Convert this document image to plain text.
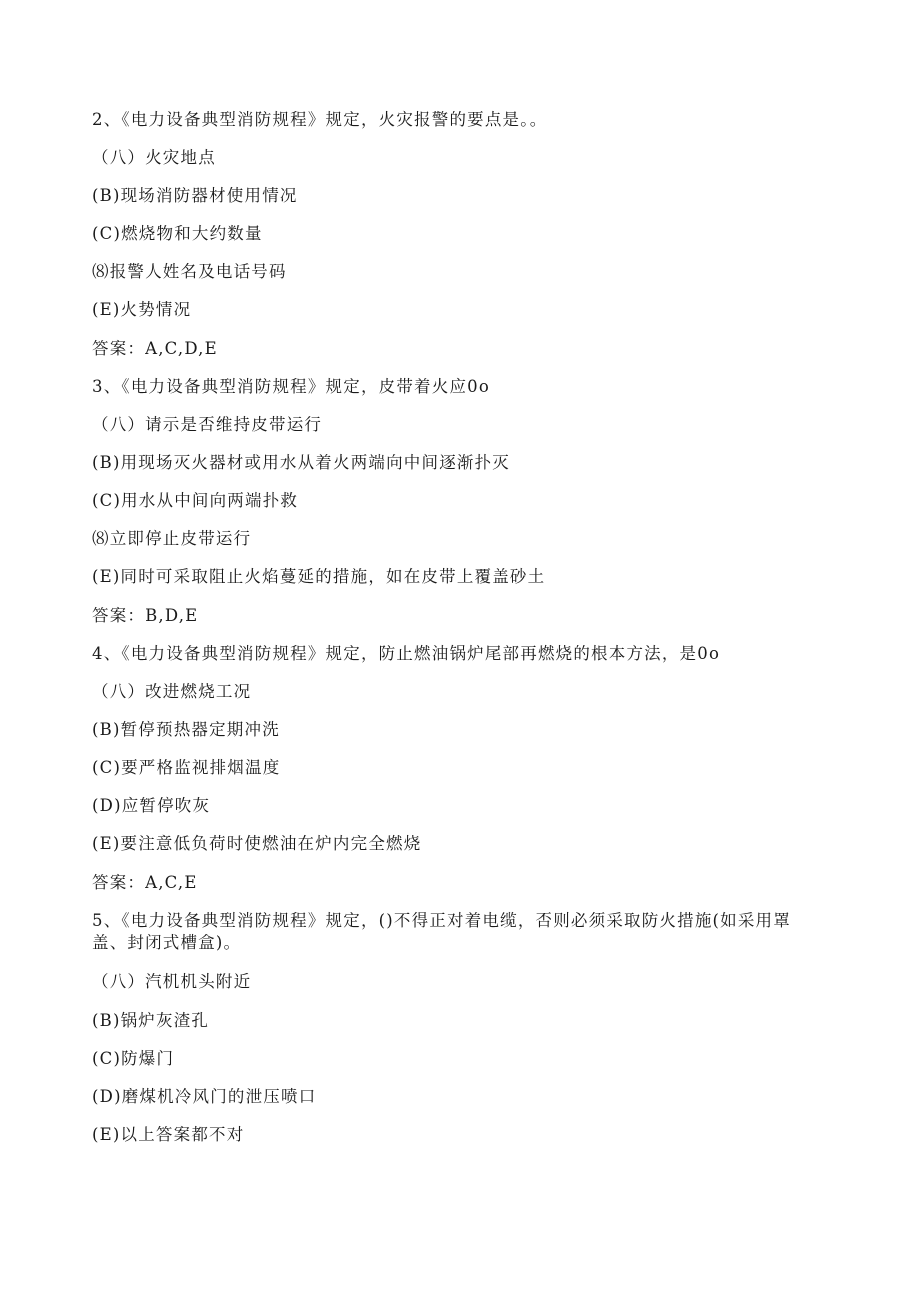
2、《电力设备典型消防规程》规定，火灾报警的要点是。。
（八）火灾地点
(B)现场消防器材使用情况
(C)燃烧物和大约数量
⑻报警人姓名及电话号码
(E)火势情况
答案：A,C,D,E
3、《电力设备典型消防规程》规定，皮带着火应0o
（八）请示是否维持皮带运行
(B)用现场灭火器材或用水从着火两端向中间逐渐扑灭
(C)用水从中间向两端扑救
⑻立即停止皮带运行
(E)同时可采取阻止火焰蔓延的措施，如在皮带上覆盖砂土
答案：B,D,E
4、《电力设备典型消防规程》规定，防止燃油锅炉尾部再燃烧的根本方法，是0o
（八）改进燃烧工况
(B)暂停预热器定期冲洗
(C)要严格监视排烟温度
(D)应暂停吹灰
(E)要注意低负荷时使燃油在炉内完全燃烧
答案：A,C,E
5、《电力设备典型消防规程》规定，()不得正对着电缆，否则必须采取防火措施(如采用罩盖、封闭式槽盒)。
（八）汽机机头附近
(B)锅炉灰渣孔
(C)防爆门
(D)磨煤机冷风门的泄压喷口
(E)以上答案都不对
